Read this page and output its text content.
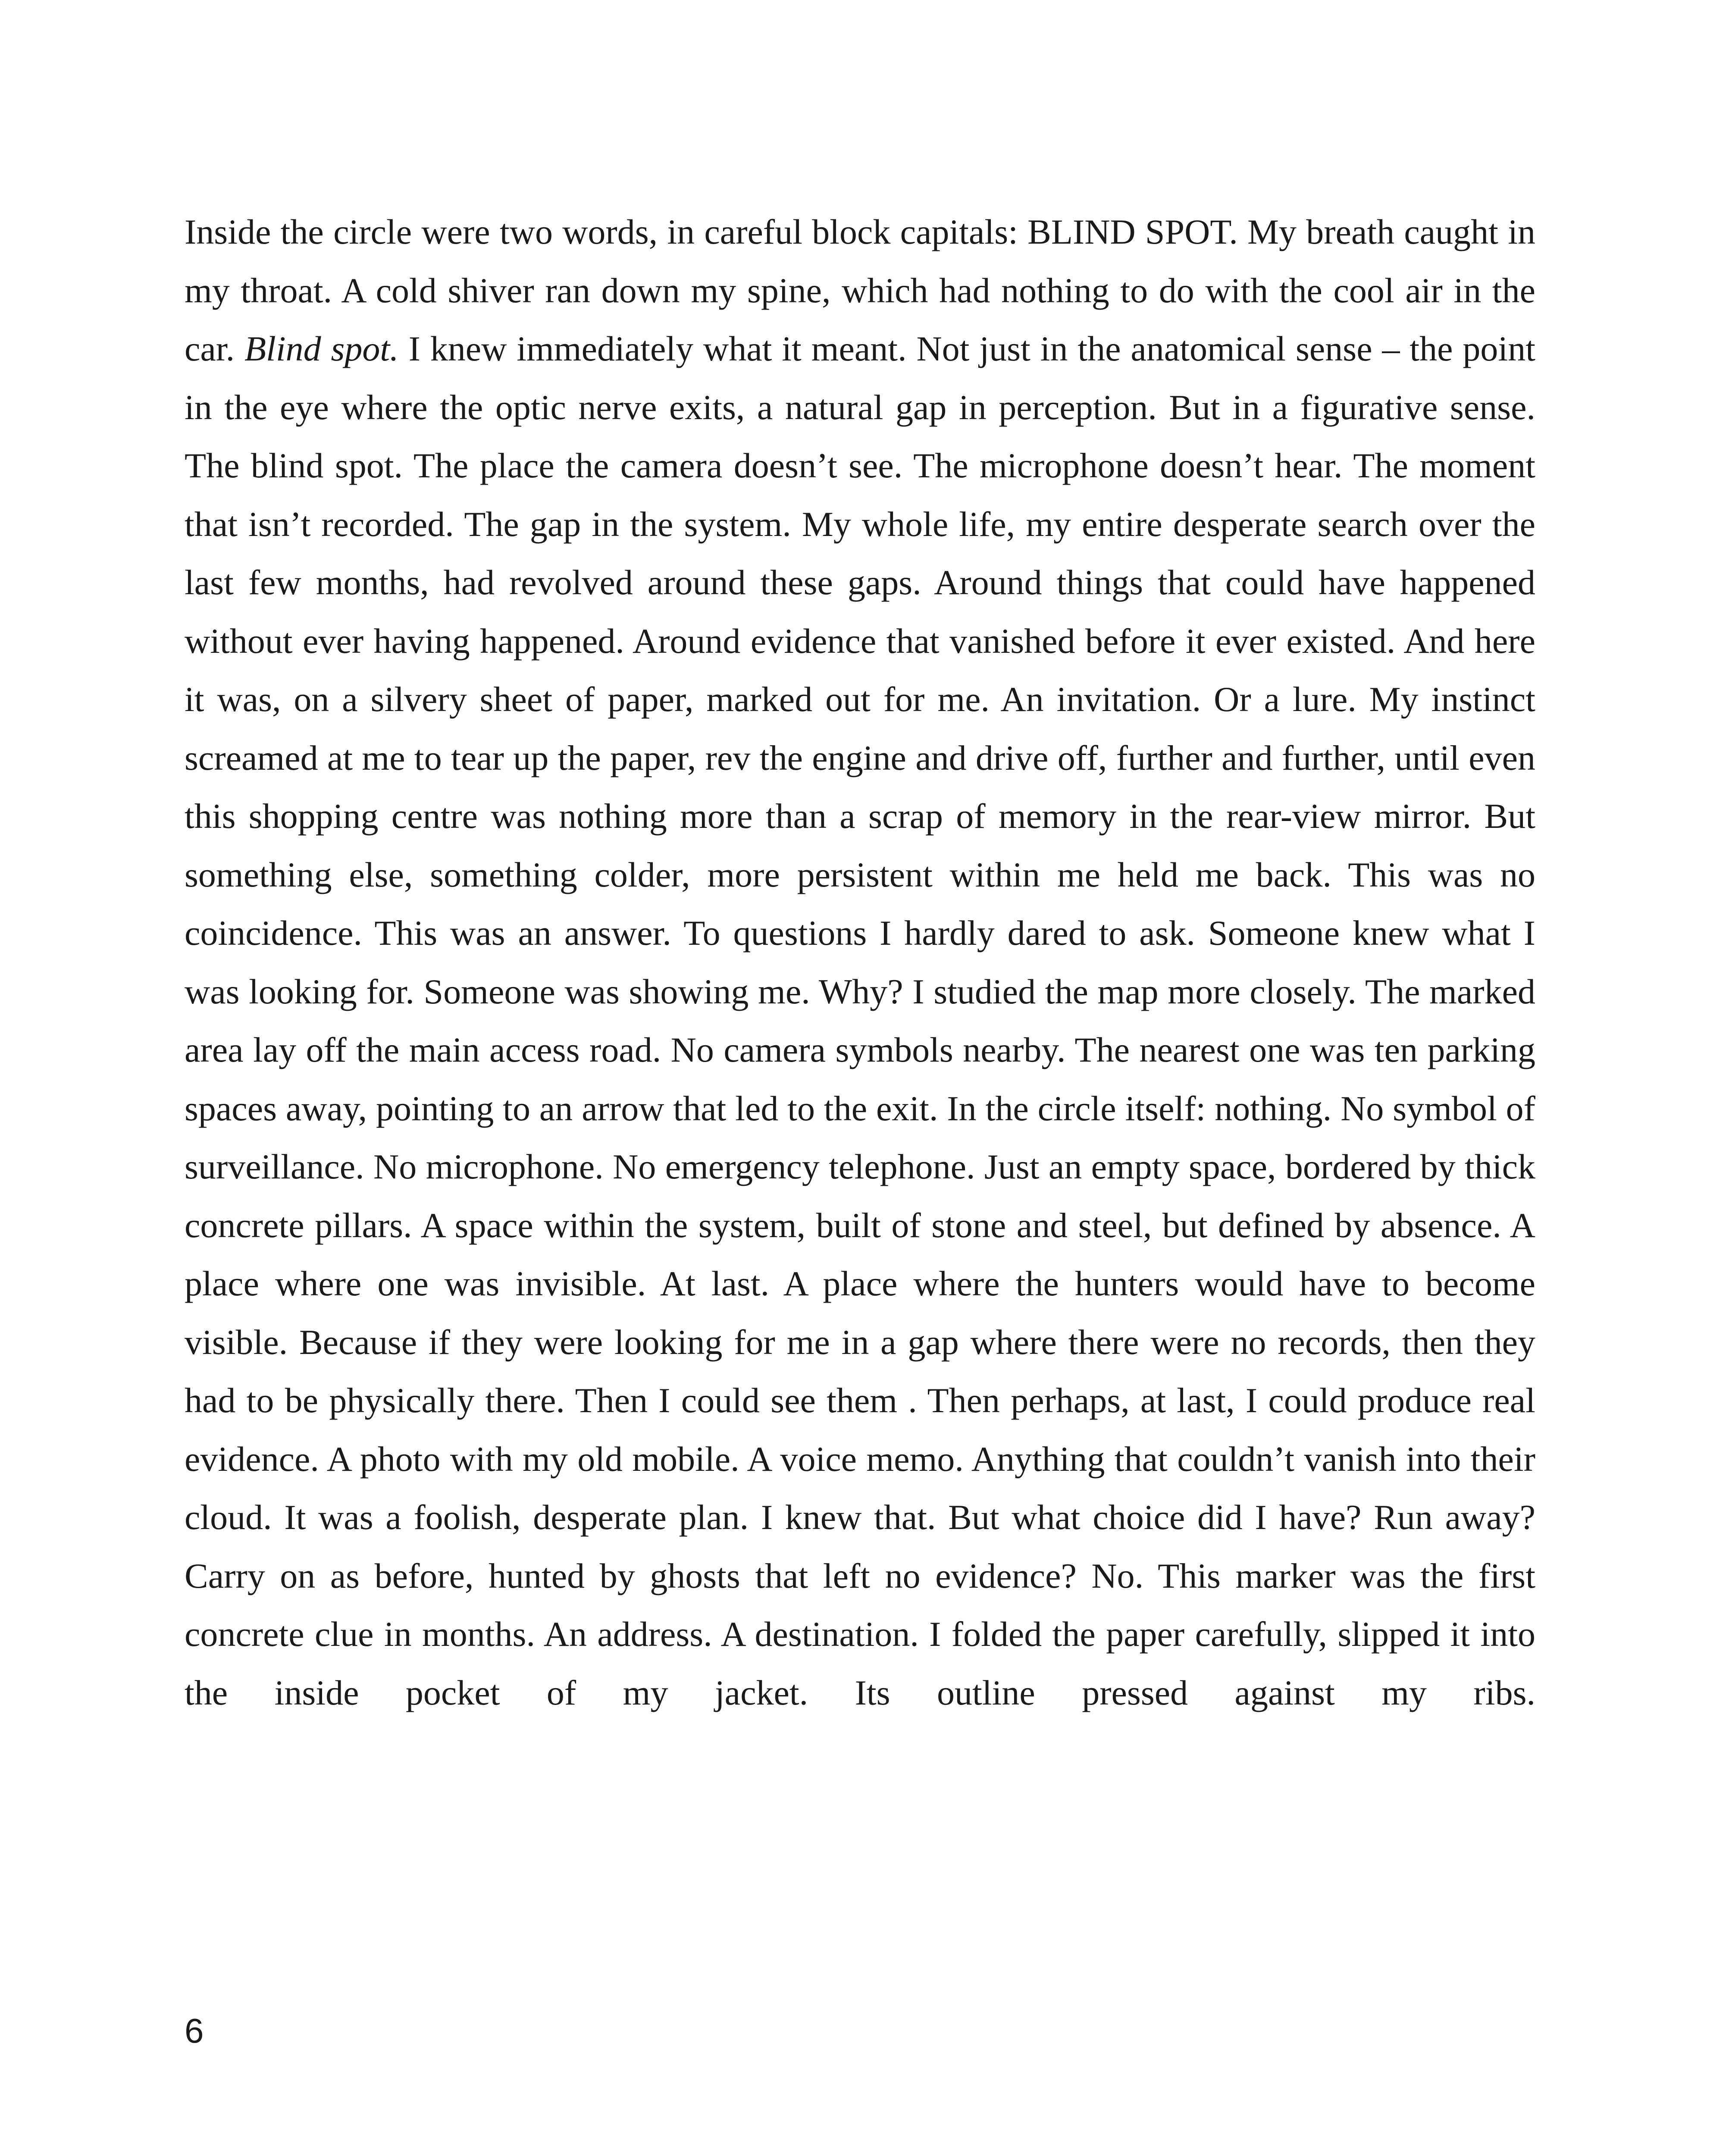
Inside the circle were two words, in careful block capitals: BLIND SPOT. My breath caught in my throat. A cold shiver ran down my spine, which had nothing to do with the cool air in the car. Blind spot. I knew immediately what it meant. Not just in the anatomical sense – the point in the eye where the optic nerve exits, a natural gap in perception. But in a figurative sense. The blind spot. The place the camera doesn’t see. The microphone doesn’t hear. The moment that isn’t recorded. The gap in the system. My whole life, my entire desperate search over the last few months, had revolved around these gaps. Around things that could have happened without ever having happened. Around evidence that vanished before it ever existed. And here it was, on a silvery sheet of paper, marked out for me. An invitation. Or a lure. My instinct screamed at me to tear up the paper, rev the engine and drive off, further and further, until even this shopping centre was nothing more than a scrap of memory in the rear-view mirror. But something else, something colder, more persistent within me held me back. This was no coincidence. This was an answer. To questions I hardly dared to ask. Someone knew what I was looking for. Someone was showing me. Why? I studied the map more closely. The marked area lay off the main access road. No camera symbols nearby. The nearest one was ten parking spaces away, pointing to an arrow that led to the exit. In the circle itself: nothing. No symbol of surveillance. No microphone. No emergency telephone. Just an empty space, bordered by thick concrete pillars. A space within the system, built of stone and steel, but defined by absence. A place where one was invisible. At last. A place where the hunters would have to become visible. Because if they were looking for me in a gap where there were no records, then they had to be physically there. Then I could see them . Then perhaps, at last, I could produce real evidence. A photo with my old mobile. A voice memo. Anything that couldn’t vanish into their cloud. It was a foolish, desperate plan. I knew that. But what choice did I have? Run away? Carry on as before, hunted by ghosts that left no evidence? No. This marker was the first concrete clue in months. An address. A destination. I folded the paper carefully, slipped it into the inside pocket of my jacket. Its outline pressed against my ribs.

6
